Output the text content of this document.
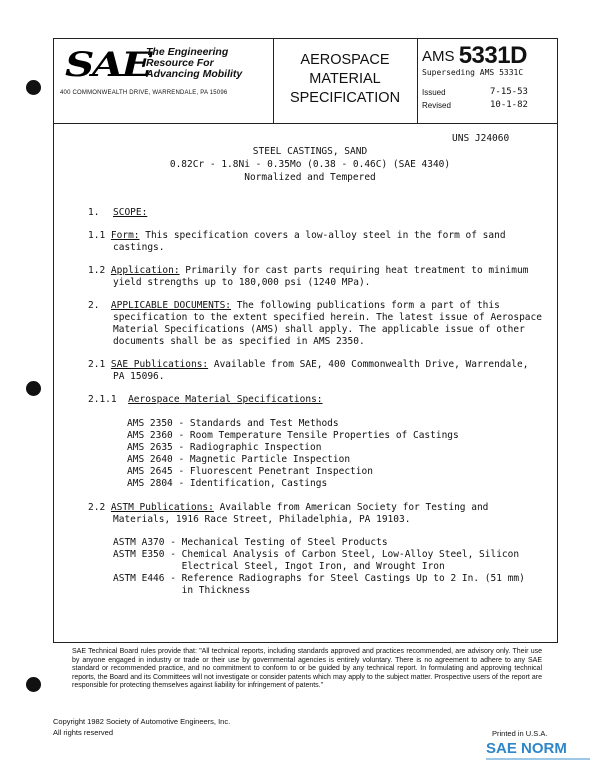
SAE
The Engineering
Resource For
Advancing Mobility
400 COMMONWEALTH DRIVE, WARRENDALE, PA 15096
AEROSPACE
MATERIAL
SPECIFICATION
AMS 5331D
Superseding AMS 5331C
Issued	7-15-53
Revised	10-1-82
UNS J24060
STEEL CASTINGS, SAND
0.82Cr - 1.8Ni - 0.35Mo (0.38 - 0.46C) (SAE 4340)
Normalized and Tempered
1. SCOPE:
1.1 Form: This specification covers a low-alloy steel in the form of sand
castings.
1.2 Application: Primarily for cast parts requiring heat treatment to minimum
yield strengths up to 180,000 psi (1240 MPa).
2. APPLICABLE DOCUMENTS: The following publications form a part of this
specification to the extent specified herein. The latest issue of Aerospace
Material Specifications (AMS) shall apply. The applicable issue of other
documents shall be as specified in AMS 2350.
2.1 SAE Publications: Available from SAE, 400 Commonwealth Drive, Warrendale,
PA 15096.
2.1.1 Aerospace Material Specifications:
AMS 2350 - Standards and Test Methods
AMS 2360 - Room Temperature Tensile Properties of Castings
AMS 2635 - Radiographic Inspection
AMS 2640 - Magnetic Particle Inspection
AMS 2645 - Fluorescent Penetrant Inspection
AMS 2804 - Identification, Castings
2.2 ASTM Publications: Available from American Society for Testing and
Materials, 1916 Race Street, Philadelphia, PA 19103.

ASTM A370 - Mechanical Testing of Steel Products

ASTM E350 - Chemical Analysis of Carbon Steel, Low-Alloy Steel, Silicon

Electrical Steel, Ingot Iron, and Wrought Iron

ASTM E446 - Reference Radiographs for Steel Castings Up to 2 In. (51 mm)

in Thickness

SAE Technical Board rules provide that: "All technical reports, including standards approved and practices recommended, are advisory only. Their use by anyone engaged in industry or trade or their use by governmental agencies is entirely voluntary. There is no agreement to adhere to any SAE standard or recommended practice, and no commitment to conform to or be guided by any technical report. In formulating and approving technical reports, the Board and its Committees will not investigate or consider patents which may apply to the subject matter. Prospective users of the report are responsible for protecting themselves against liability for infringement of patents."
Copyright 1982 Society of Automotive Engineers, Inc.
All rights reserved	Printed in U.S.A.
SAE NORM
